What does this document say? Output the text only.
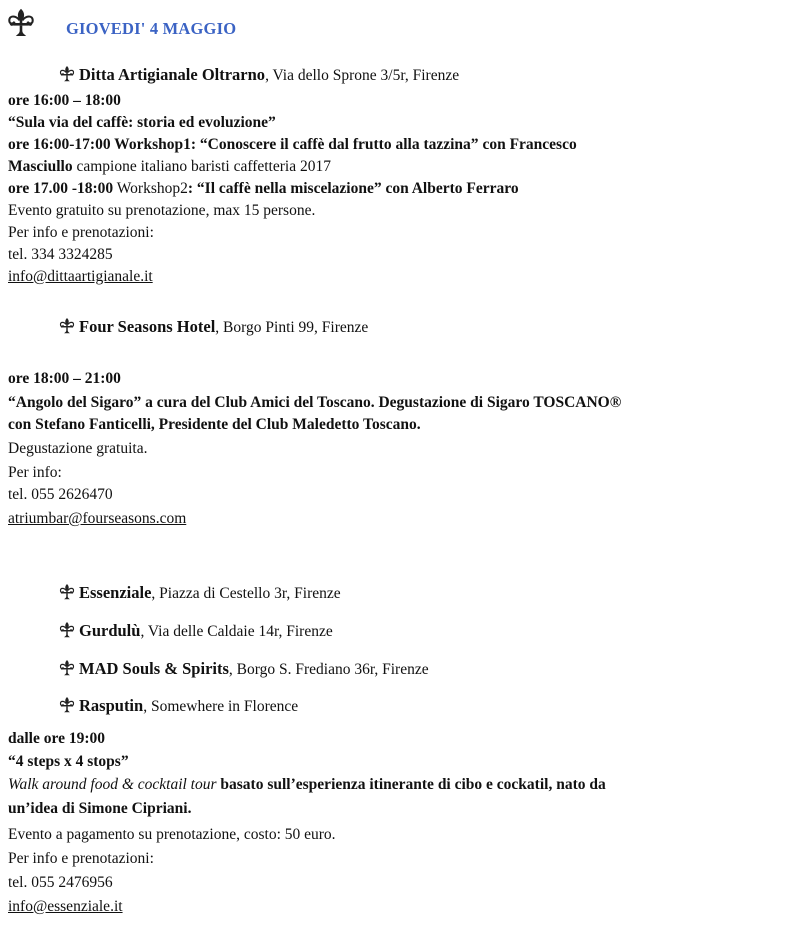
GIOVEDI' 4 MAGGIO
Ditta Artigianale Oltrarno, Via dello Sprone 3/5r, Firenze
ore 16:00 – 18:00
“Sula via del caffè: storia ed evoluzione”
ore 16:00-17:00 Workshop1: “Conoscere il caffè dal frutto alla tazzina” con Francesco
Masciullo campione italiano baristi caffetteria 2017
ore 17.00 -18:00 Workshop2: “Il caffè nella miscelazione” con Alberto Ferraro
Evento gratuito su prenotazione, max 15 persone.
Per info e prenotazioni:
tel. 334 3324285
info@dittaartigianale.it
Four Seasons Hotel, Borgo Pinti 99, Firenze
ore 18:00 – 21:00
“Angolo del Sigaro” a cura del Club Amici del Toscano. Degustazione di Sigaro TOSCANO®
con Stefano Fanticelli, Presidente del Club Maledetto Toscano.
Degustazione gratuita.
Per info:
tel. 055 2626470
atriumbar@fourseasons.com
Essenziale, Piazza di Cestello 3r, Firenze
Gurdulù, Via delle Caldaie 14r, Firenze
MAD Souls & Spirits, Borgo S. Frediano 36r, Firenze
Rasputin, Somewhere in Florence
dalle ore 19:00
“4 steps x 4 stops”
Walk around food & cocktail tour basato sull’esperienza itinerante di cibo e cockatil, nato da
un’idea di Simone Cipriani.
Evento a pagamento su prenotazione, costo: 50 euro.
Per info e prenotazioni:
tel. 055 2476956
info@essenziale.it
